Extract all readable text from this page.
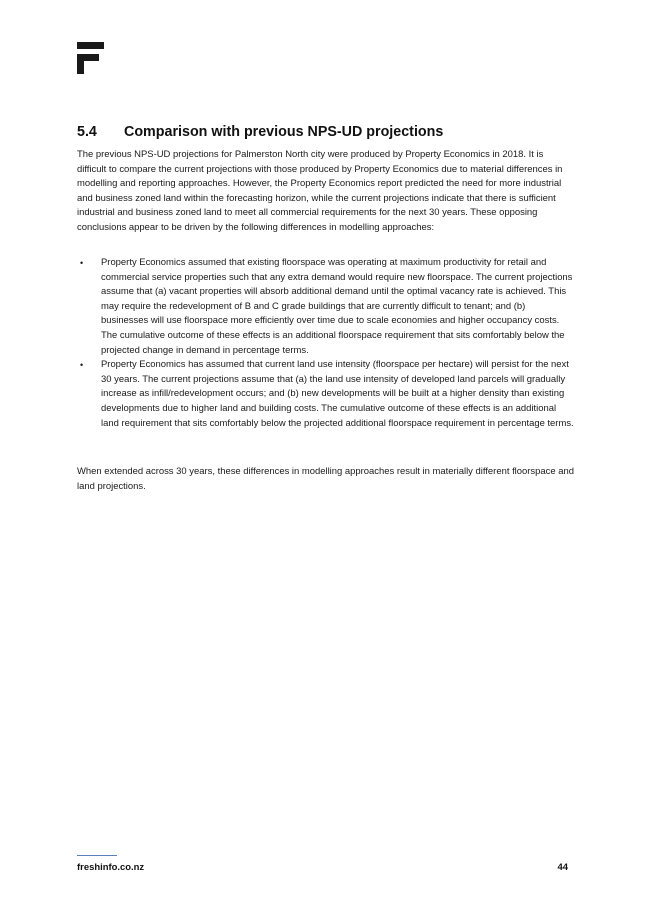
5.4 Comparison with previous NPS-UD projections
The previous NPS-UD projections for Palmerston North city were produced by Property Economics in 2018. It is difficult to compare the current projections with those produced by Property Economics due to material differences in modelling and reporting approaches. However, the Property Economics report predicted the need for more industrial and business zoned land within the forecasting horizon, while the current projections indicate that there is sufficient industrial and business zoned land to meet all commercial requirements for the next 30 years. These opposing conclusions appear to be driven by the following differences in modelling approaches:
• Property Economics assumed that existing floorspace was operating at maximum productivity for retail and commercial service properties such that any extra demand would require new floorspace. The current projections assume that (a) vacant properties will absorb additional demand until the optimal vacancy rate is achieved. This may require the redevelopment of B and C grade buildings that are currently difficult to tenant; and (b) businesses will use floorspace more efficiently over time due to scale economies and higher occupancy costs. The cumulative outcome of these effects is an additional floorspace requirement that sits comfortably below the projected change in demand in percentage terms.
• Property Economics has assumed that current land use intensity (floorspace per hectare) will persist for the next 30 years. The current projections assume that (a) the land use intensity of developed land parcels will gradually increase as infill/redevelopment occurs; and (b) new developments will be built at a higher density than existing developments due to higher land and building costs. The cumulative outcome of these effects is an additional land requirement that sits comfortably below the projected additional floorspace requirement in percentage terms.
When extended across 30 years, these differences in modelling approaches result in materially different floorspace and land projections.
freshinfo.co.nz	44
